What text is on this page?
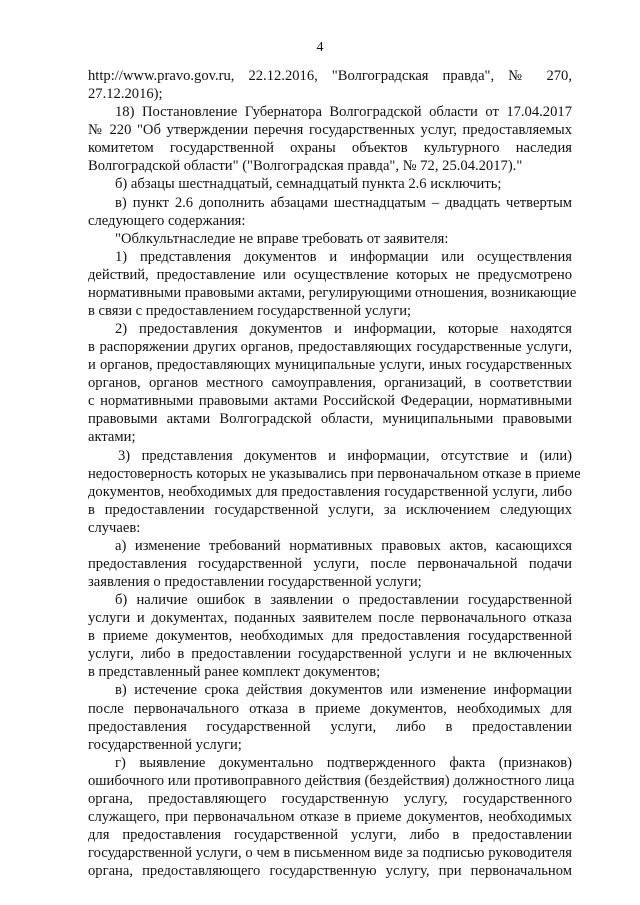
4
http://www.pravo.gov.ru, 22.12.2016, "Волгоградская правда", № 270,
27.12.2016);
18) Постановление Губернатора Волгоградской области от 17.04.2017
№ 220 "Об утверждении перечня государственных услуг, предоставляемых
комитетом государственной охраны объектов культурного наследия
Волгоградской области" ("Волгоградская правда", № 72, 25.04.2017)."
б) абзацы шестнадцатый, семнадцатый пункта 2.6 исключить;
в) пункт 2.6 дополнить абзацами шестнадцатым – двадцать четвертым
следующего содержания:
"Облкультнаследие не вправе требовать от заявителя:
1) представления документов и информации или осуществления
действий, предоставление или осуществление которых не предусмотрено
нормативными правовыми актами, регулирующими отношения, возникающие
в связи с предоставлением государственной услуги;
2) предоставления документов и информации, которые находятся
в распоряжении других органов, предоставляющих государственные услуги,
и органов, предоставляющих муниципальные услуги, иных государственных
органов, органов местного самоуправления, организаций, в соответствии
с нормативными правовыми актами Российской Федерации, нормативными
правовыми актами Волгоградской области, муниципальными правовыми
актами;
3) представления документов и информации, отсутствие и (или)
недостоверность которых не указывались при первоначальном отказе в приеме
документов, необходимых для предоставления государственной услуги, либо
в предоставлении государственной услуги, за исключением следующих
случаев:
а) изменение требований нормативных правовых актов, касающихся
предоставления государственной услуги, после первоначальной подачи
заявления о предоставлении государственной услуги;
б) наличие ошибок в заявлении о предоставлении государственной
услуги и документах, поданных заявителем после первоначального отказа
в приеме документов, необходимых для предоставления государственной
услуги, либо в предоставлении государственной услуги и не включенных
в представленный ранее комплект документов;
в) истечение срока действия документов или изменение информации
после первоначального отказа в приеме документов, необходимых для
предоставления государственной услуги, либо в предоставлении
государственной услуги;
г) выявление документально подтвержденного факта (признаков)
ошибочного или противоправного действия (бездействия) должностного лица
органа, предоставляющего государственную услугу, государственного
служащего, при первоначальном отказе в приеме документов, необходимых
для предоставления государственной услуги, либо в предоставлении
государственной услуги, о чем в письменном виде за подписью руководителя
органа, предоставляющего государственную услугу, при первоначальном
